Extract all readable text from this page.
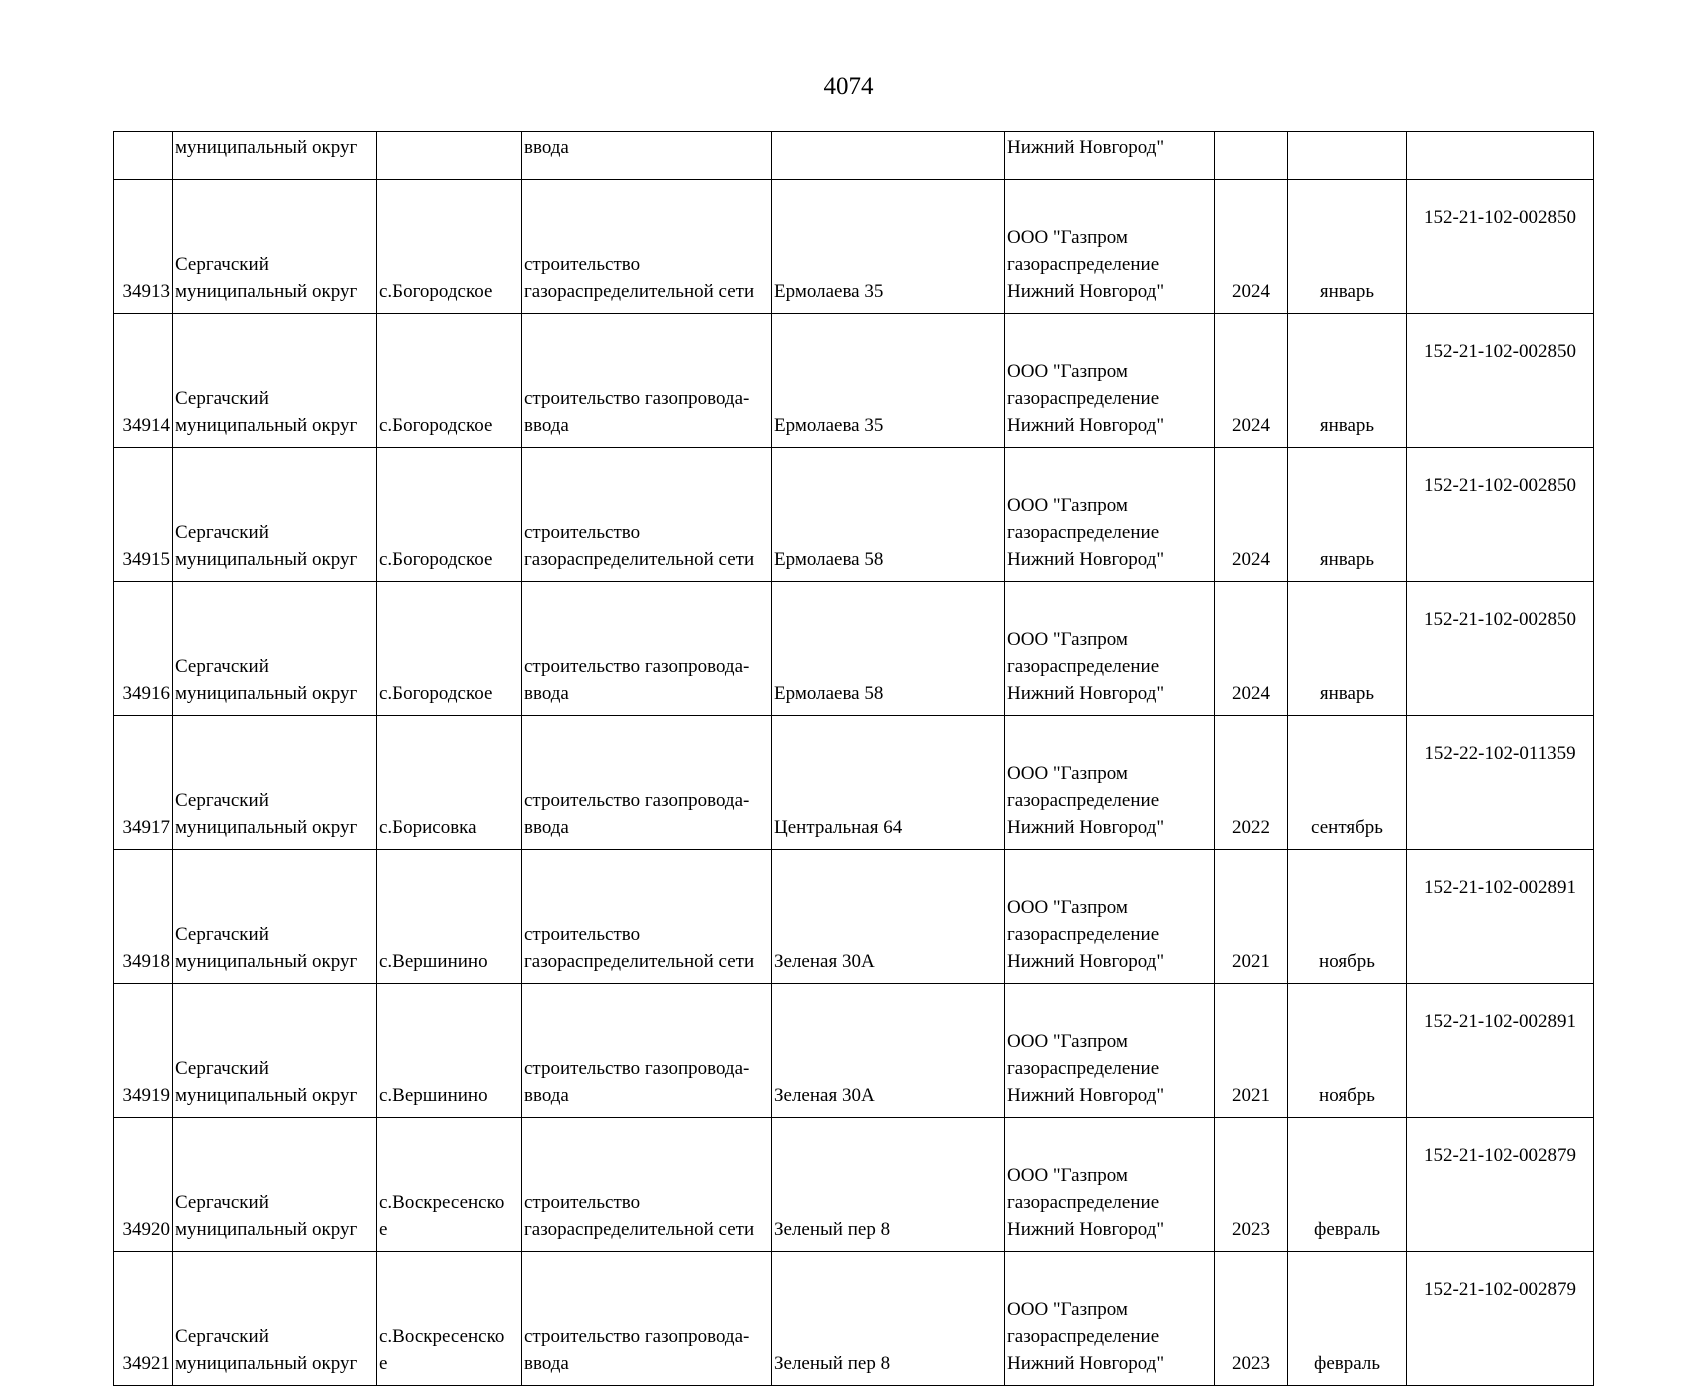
4074
	муниципальный округ		ввода		Нижний Новгород"			

34913	Сергачский
муниципальный округ	с.Богородское	строительство
газораспределительной сети	Ермолаева 35	ООО "Газпром
газораспределение
Нижний Новгород"	2024	январь	152-21-102-002850

34914	Сергачский
муниципальный округ	с.Богородское	строительство газопровода-
ввода	Ермолаева 35	ООО "Газпром
газораспределение
Нижний Новгород"	2024	январь	152-21-102-002850

34915	Сергачский
муниципальный округ	с.Богородское	строительство
газораспределительной сети	Ермолаева 58	ООО "Газпром
газораспределение
Нижний Новгород"	2024	январь	152-21-102-002850

34916	Сергачский
муниципальный округ	с.Богородское	строительство газопровода-
ввода	Ермолаева 58	ООО "Газпром
газораспределение
Нижний Новгород"	2024	январь	152-21-102-002850

34917	Сергачский
муниципальный округ	с.Борисовка	строительство газопровода-
ввода	Центральная 64	ООО "Газпром
газораспределение
Нижний Новгород"	2022	сентябрь	152-22-102-011359

34918	Сергачский
муниципальный округ	с.Вершинино	строительство
газораспределительной сети	Зеленая 30А	ООО "Газпром
газораспределение
Нижний Новгород"	2021	ноябрь	152-21-102-002891

34919	Сергачский
муниципальный округ	с.Вершинино	строительство газопровода-
ввода	Зеленая 30А	ООО "Газпром
газораспределение
Нижний Новгород"	2021	ноябрь	152-21-102-002891

34920	Сергачский
муниципальный округ	с.Воскресенско
е	строительство
газораспределительной сети	Зеленый пер 8	ООО "Газпром
газораспределение
Нижний Новгород"	2023	февраль	152-21-102-002879

34921	Сергачский
муниципальный округ	с.Воскресенско
е	строительство газопровода-
ввода	Зеленый пер 8	ООО "Газпром
газораспределение
Нижний Новгород"	2023	февраль	152-21-102-002879
